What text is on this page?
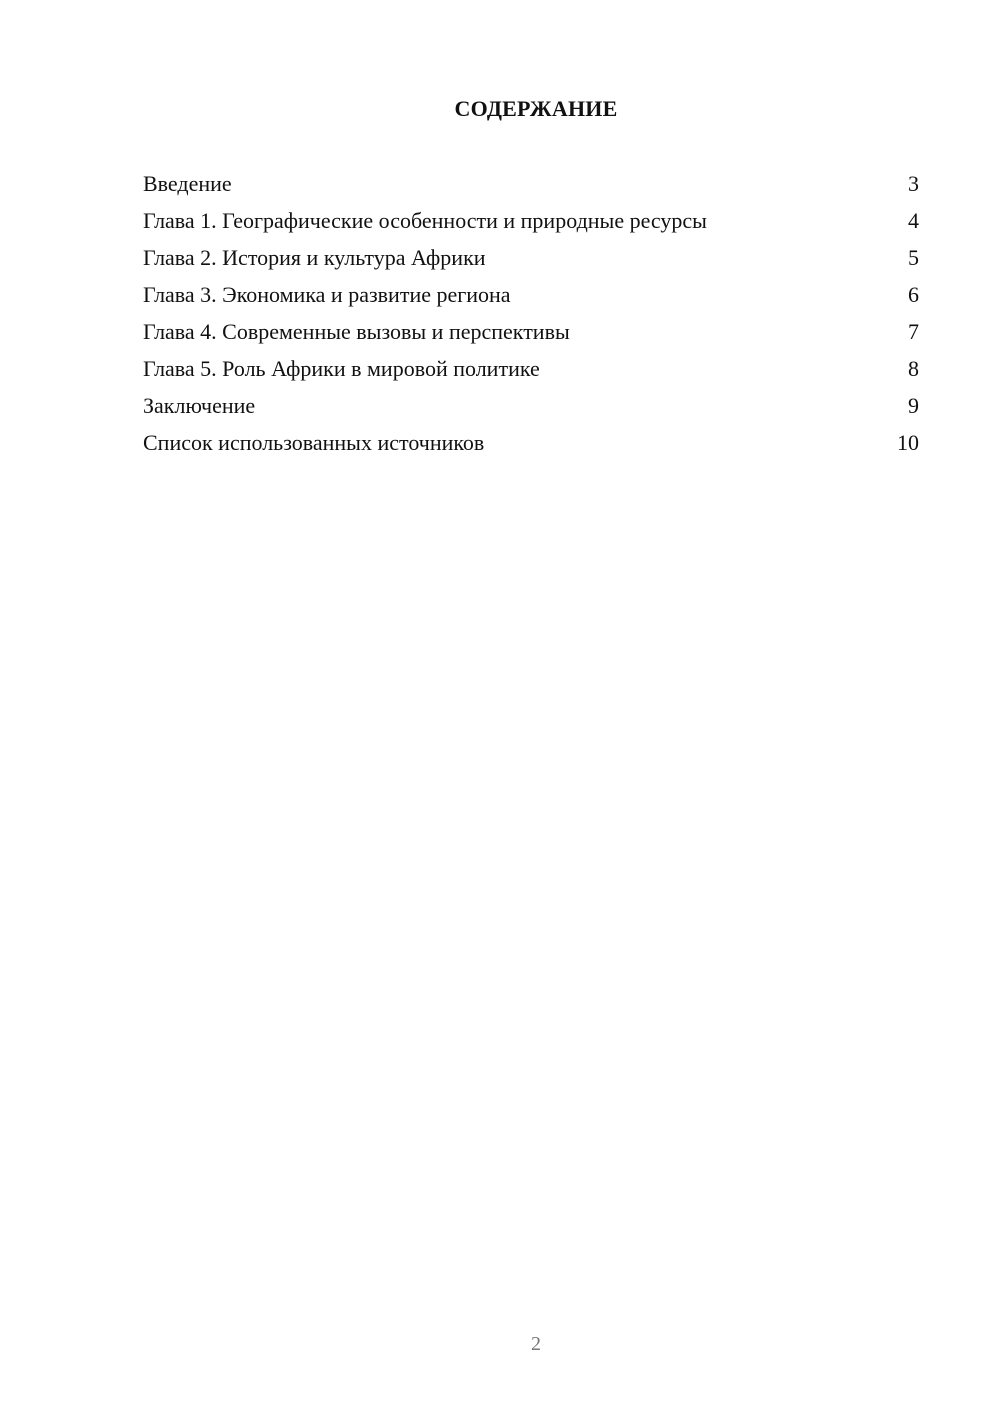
СОДЕРЖАНИЕ
Введение	3
Глава 1. Географические особенности и природные ресурсы	4
Глава 2. История и культура Африки	5
Глава 3. Экономика и развитие региона	6
Глава 4. Современные вызовы и перспективы	7
Глава 5. Роль Африки в мировой политике	8
Заключение	9
Список использованных источников	10
2
